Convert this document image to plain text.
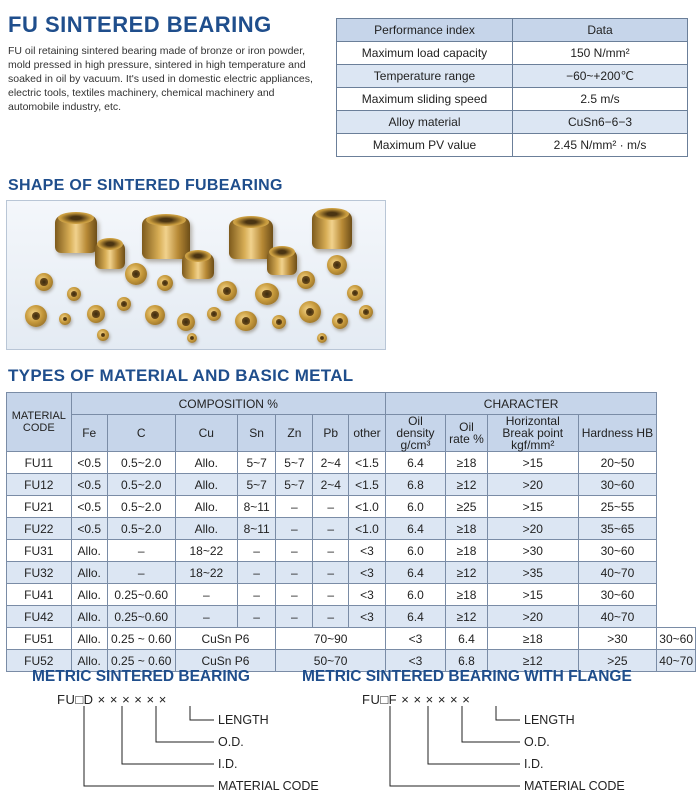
FU SINTERED BEARING

FU oil retaining sintered bearing made of bronze or iron powder, mold pressed in high pressure, sintered in high temperature and soaked in oil by vacuum. It's used in domestic electric appliances, electric tools, textiles machinery, chemical machinery and automobile industry, etc.

Performance index	Data
Maximum load capacity	150 N/mm²
Temperature range	−60~+200℃
Maximum sliding speed	2.5 m/s
Alloy material	CuSn6−6−3
Maximum PV value	2.45 N/mm² · m/s
SHAPE OF SINTERED FUBEARING
TYPES OF MATERIAL AND BASIC METAL
MATERIAL CODE	COMPOSITION %							CHARACTER				
	Fe	C	Cu	Sn	Zn	Pb	other	Oil density g/cm³	Oil rate %	Horizontal Break point kgf/mm²	Hardness HB	
FU11	<0.5	0.5~2.0	Allo.	5~7	5~7	2~4	<1.5	6.4	≥18	>15	20~50	
FU12	<0.5	0.5~2.0	Allo.	5~7	5~7	2~4	<1.5	6.8	≥12	>20	30~60	
FU21	<0.5	0.5~2.0	Allo.	8~11	–	–	<1.0	6.0	≥25	>15	25~55	
FU22	<0.5	0.5~2.0	Allo.	8~11	–	–	<1.0	6.4	≥18	>20	35~65	
FU31	Allo.	–	18~22	–	–	–	<3	6.0	≥18	>30	30~60	
FU32	Allo.	–	18~22	–	–	–	<3	6.4	≥12	>35	40~70	
FU41	Allo.	0.25~0.60	–	–	–	–	<3	6.0	≥18	>15	30~60	
FU42	Allo.	0.25~0.60	–	–	–	–	<3	6.4	≥12	>20	40~70	
FU51	Allo.	0.25 ~ 0.60	CuSn P6		70~90			<3	6.4	≥18	>30	30~60
FU52	Allo.	0.25 ~ 0.60	CuSn P6		50~70			<3	6.8	≥12	>25	40~70
METRIC SINTERED BEARING
FU□D × × × × × ×
LENGTH
O.D.
I.D.
MATERIAL CODE
METRIC SINTERED BEARING WITH FLANGE
FU□F × × × × × ×
LENGTH
O.D.
I.D.
MATERIAL CODE
